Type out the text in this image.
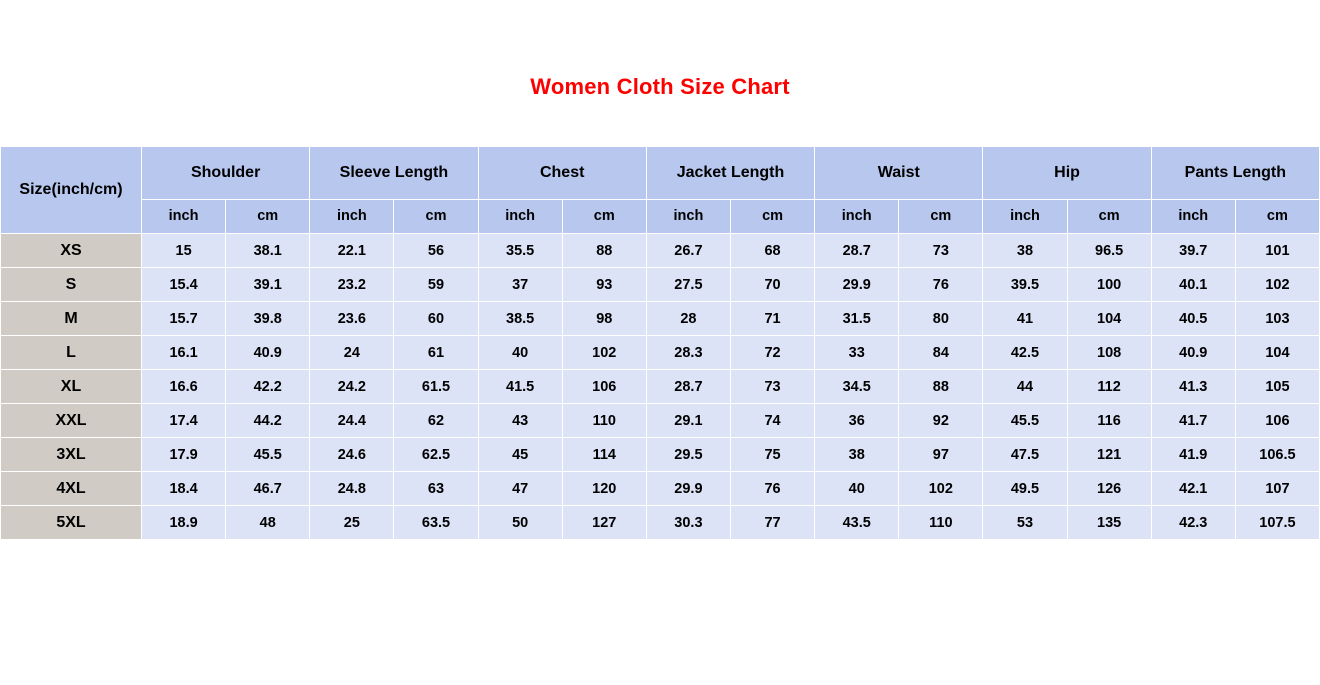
Women Cloth Size Chart
Size(inch/cm)	Shoulder		Sleeve Length		Chest		Jacket Length		Waist		Hip		Pants Length	
	inch	cm	inch	cm	inch	cm	inch	cm	inch	cm	inch	cm	inch	cm
XS	15	38.1	22.1	56	35.5	88	26.7	68	28.7	73	38	96.5	39.7	101
S	15.4	39.1	23.2	59	37	93	27.5	70	29.9	76	39.5	100	40.1	102
M	15.7	39.8	23.6	60	38.5	98	28	71	31.5	80	41	104	40.5	103
L	16.1	40.9	24	61	40	102	28.3	72	33	84	42.5	108	40.9	104
XL	16.6	42.2	24.2	61.5	41.5	106	28.7	73	34.5	88	44	112	41.3	105
XXL	17.4	44.2	24.4	62	43	110	29.1	74	36	92	45.5	116	41.7	106
3XL	17.9	45.5	24.6	62.5	45	114	29.5	75	38	97	47.5	121	41.9	106.5
4XL	18.4	46.7	24.8	63	47	120	29.9	76	40	102	49.5	126	42.1	107
5XL	18.9	48	25	63.5	50	127	30.3	77	43.5	110	53	135	42.3	107.5
